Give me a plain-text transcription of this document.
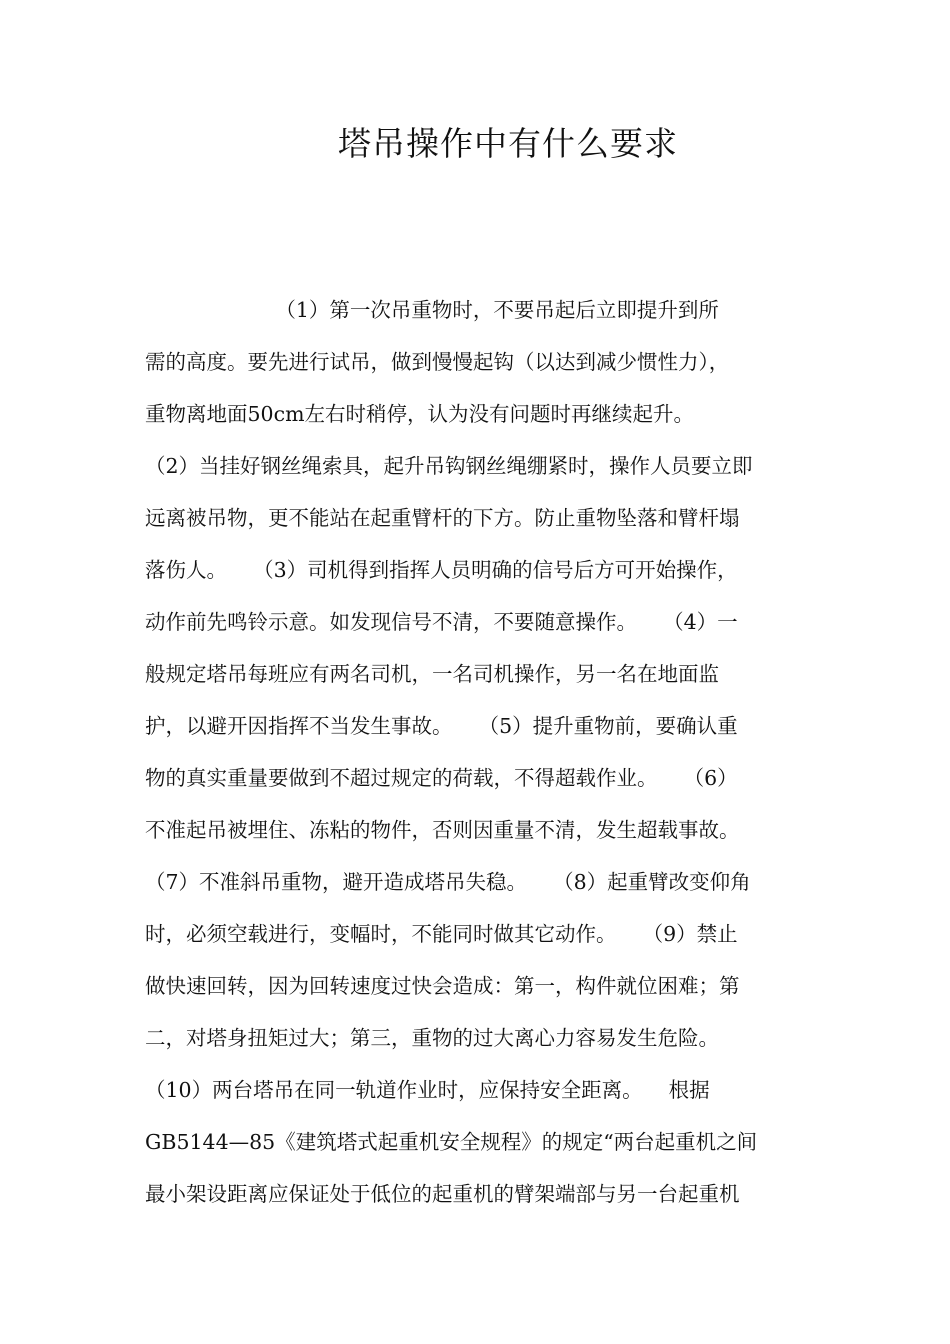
塔吊操作中有什么要求
（1）第一次吊重物时，不要吊起后立即提升到所
需的高度。要先进行试吊，做到慢慢起钩（以达到减少惯性力），
重物离地面50cm左右时稍停，认为没有问题时再继续起升。
（2）当挂好钢丝绳索具，起升吊钩钢丝绳绷紧时，操作人员要立即
远离被吊物，更不能站在起重臂杆的下方。防止重物坠落和臂杆塌
落伤人。    （3）司机得到指挥人员明确的信号后方可开始操作，
动作前先鸣铃示意。如发现信号不清，不要随意操作。    （4）一
般规定塔吊每班应有两名司机，一名司机操作，另一名在地面监
护，以避开因指挥不当发生事故。    （5）提升重物前，要确认重
物的真实重量要做到不超过规定的荷载，不得超载作业。    （6）
不准起吊被埋住、冻粘的物件，否则因重量不清，发生超载事故。
（7）不准斜吊重物，避开造成塔吊失稳。    （8）起重臂改变仰角
时，必须空载进行，变幅时，不能同时做其它动作。    （9）禁止
做快速回转，因为回转速度过快会造成：第一，构件就位困难；第
二，对塔身扭矩过大；第三，重物的过大离心力容易发生危险。
（10）两台塔吊在同一轨道作业时，应保持安全距离。    根据
GB5144—85《建筑塔式起重机安全规程》的规定“两台起重机之间
最小架设距离应保证处于低位的起重机的臂架端部与另一台起重机
